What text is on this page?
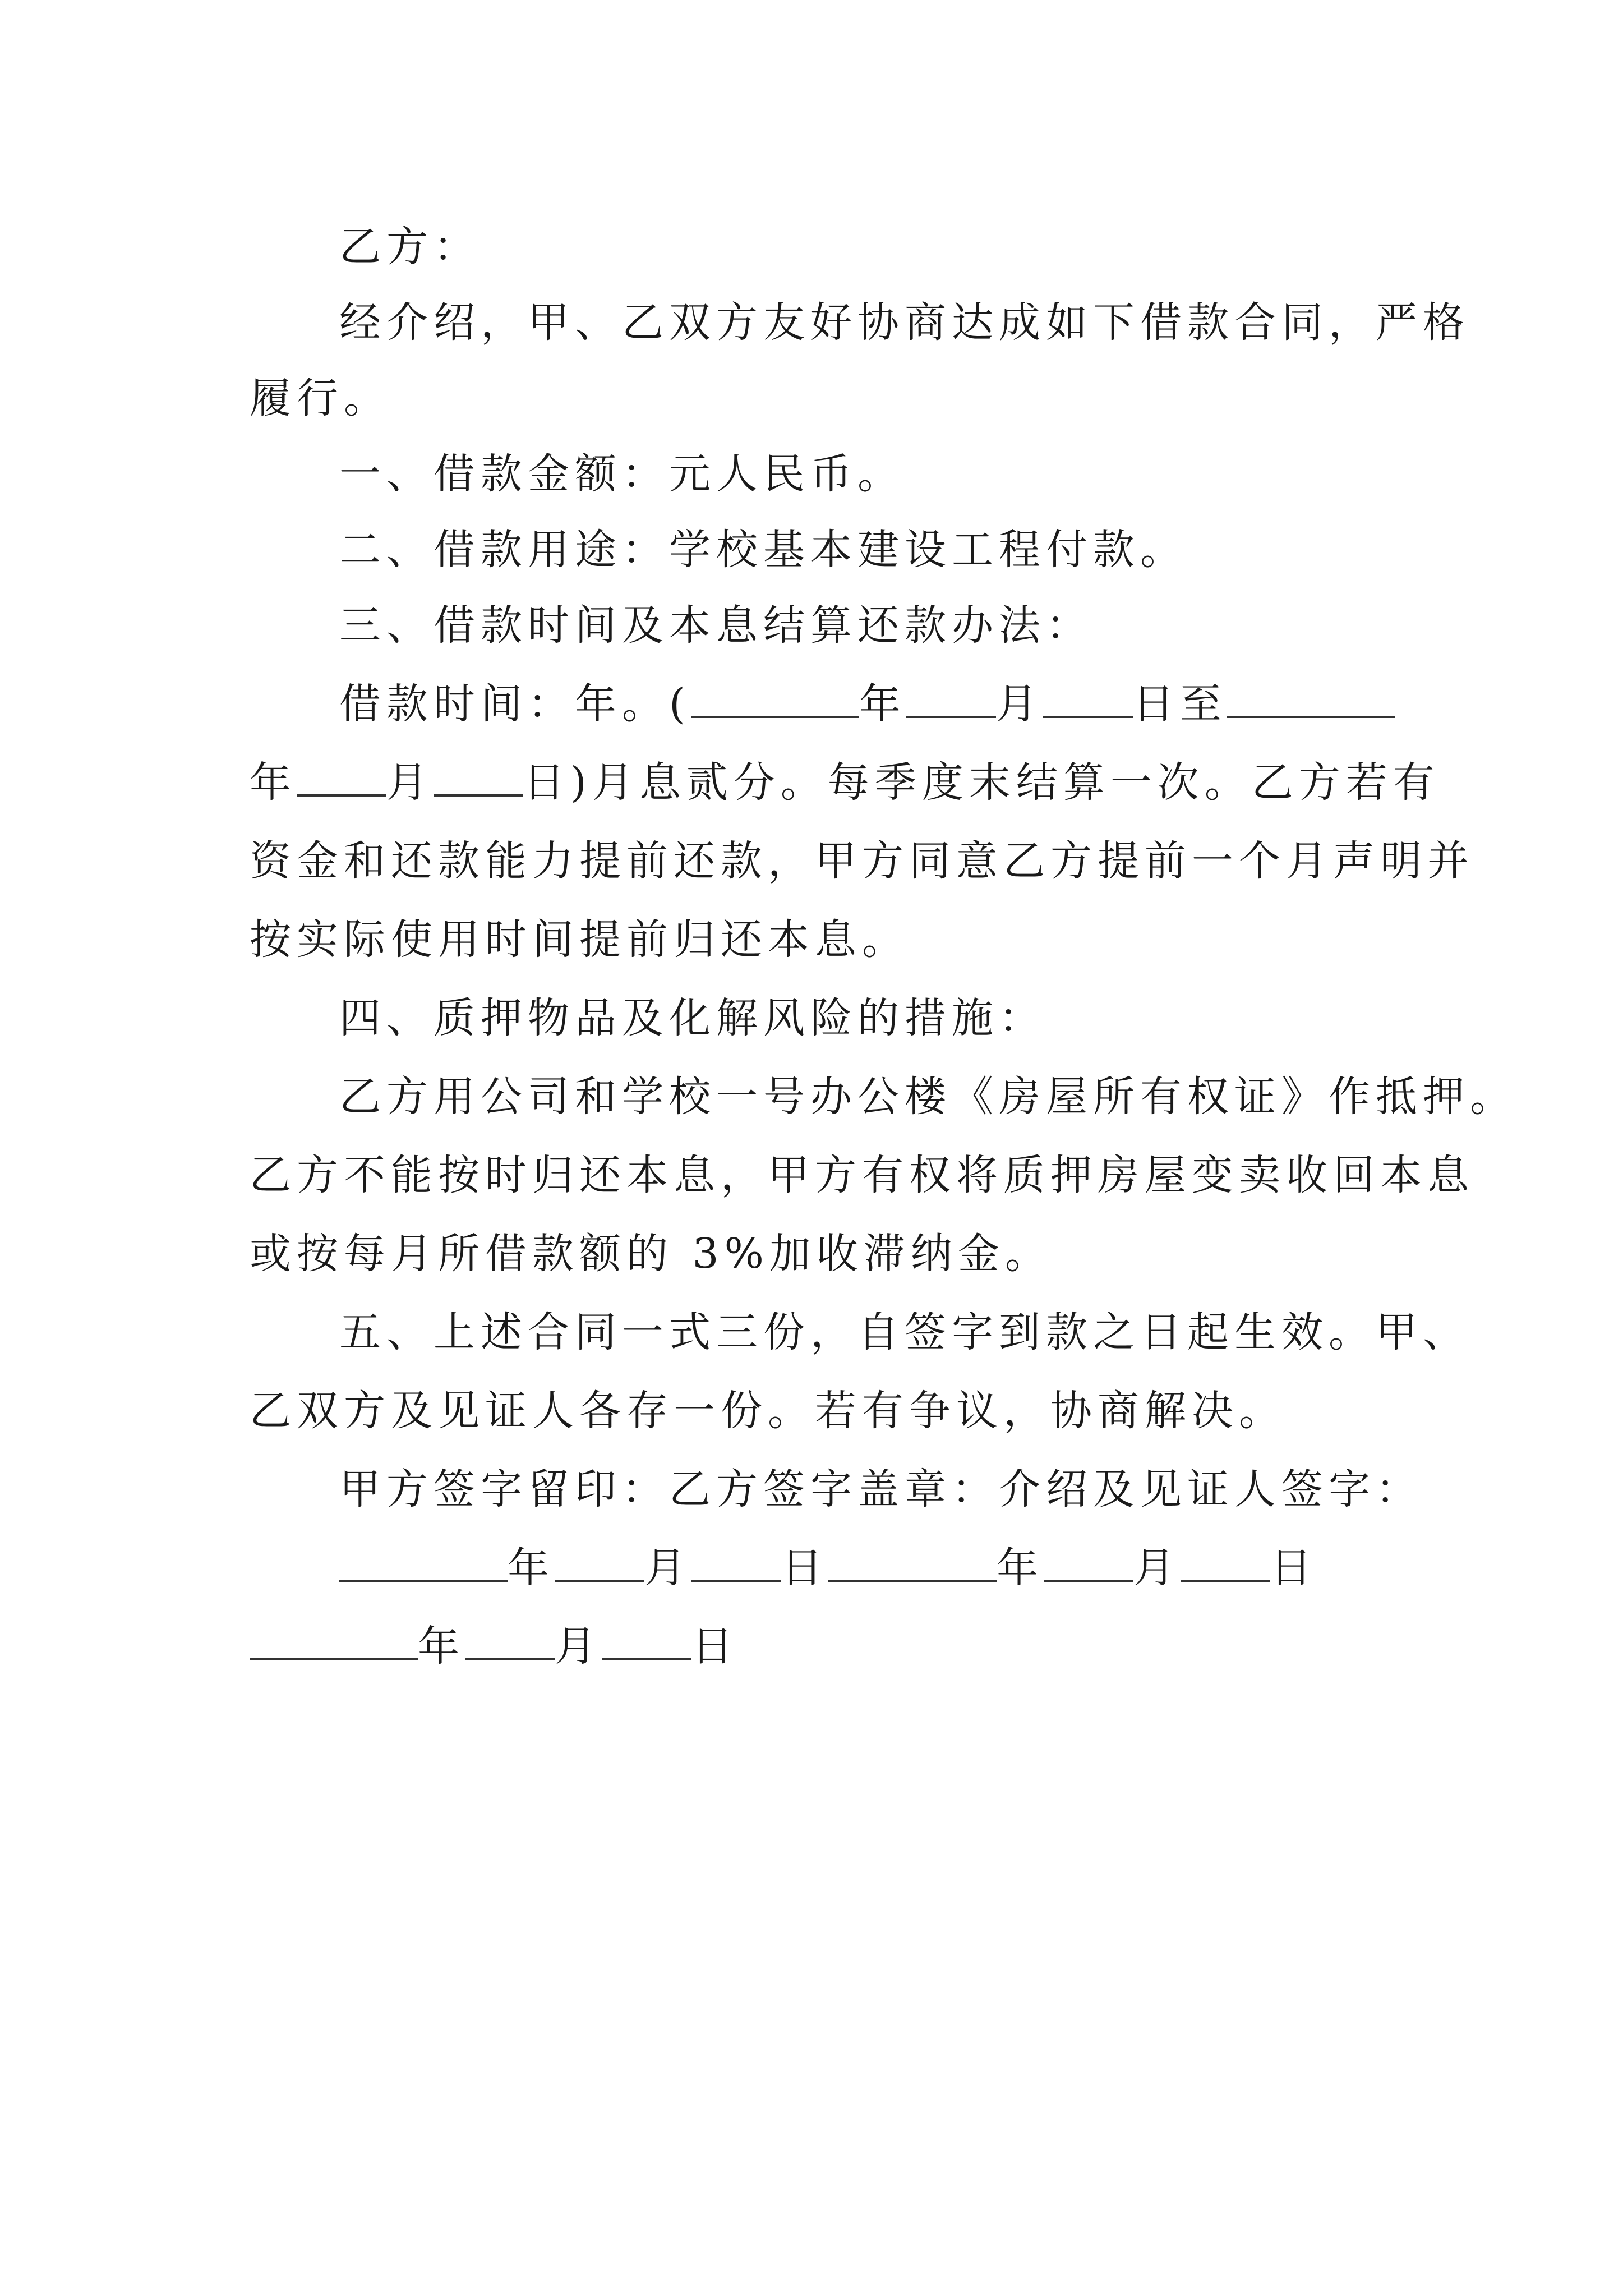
乙方：
经介绍，甲、乙双方友好协商达成如下借款合同，严格
履行。
一、借款金额：元人民币。
二、借款用途：学校基本建设工程付款。
三、借款时间及本息结算还款办法：
借款时间：年。(	年 月 日至
年 月 日)月息贰分。每季度末结算一次。乙方若有
资金和还款能力提前还款，甲方同意乙方提前一个月声明并
按实际使用时间提前归还本息。
四、质押物品及化解风险的措施：
乙方用公司和学校一号办公楼《房屋所有权证》作抵押。
乙方不能按时归还本息，甲方有权将质押房屋变卖收回本息
或按每月所借款额的 3%加收滞纳金。
五、上述合同一式三份，自签字到款之日起生效。甲、
乙双方及见证人各存一份。若有争议，协商解决。
甲方签字留印：乙方签字盖章：介绍及见证人签字：
年 月 日	年 月 日
年 月 日
